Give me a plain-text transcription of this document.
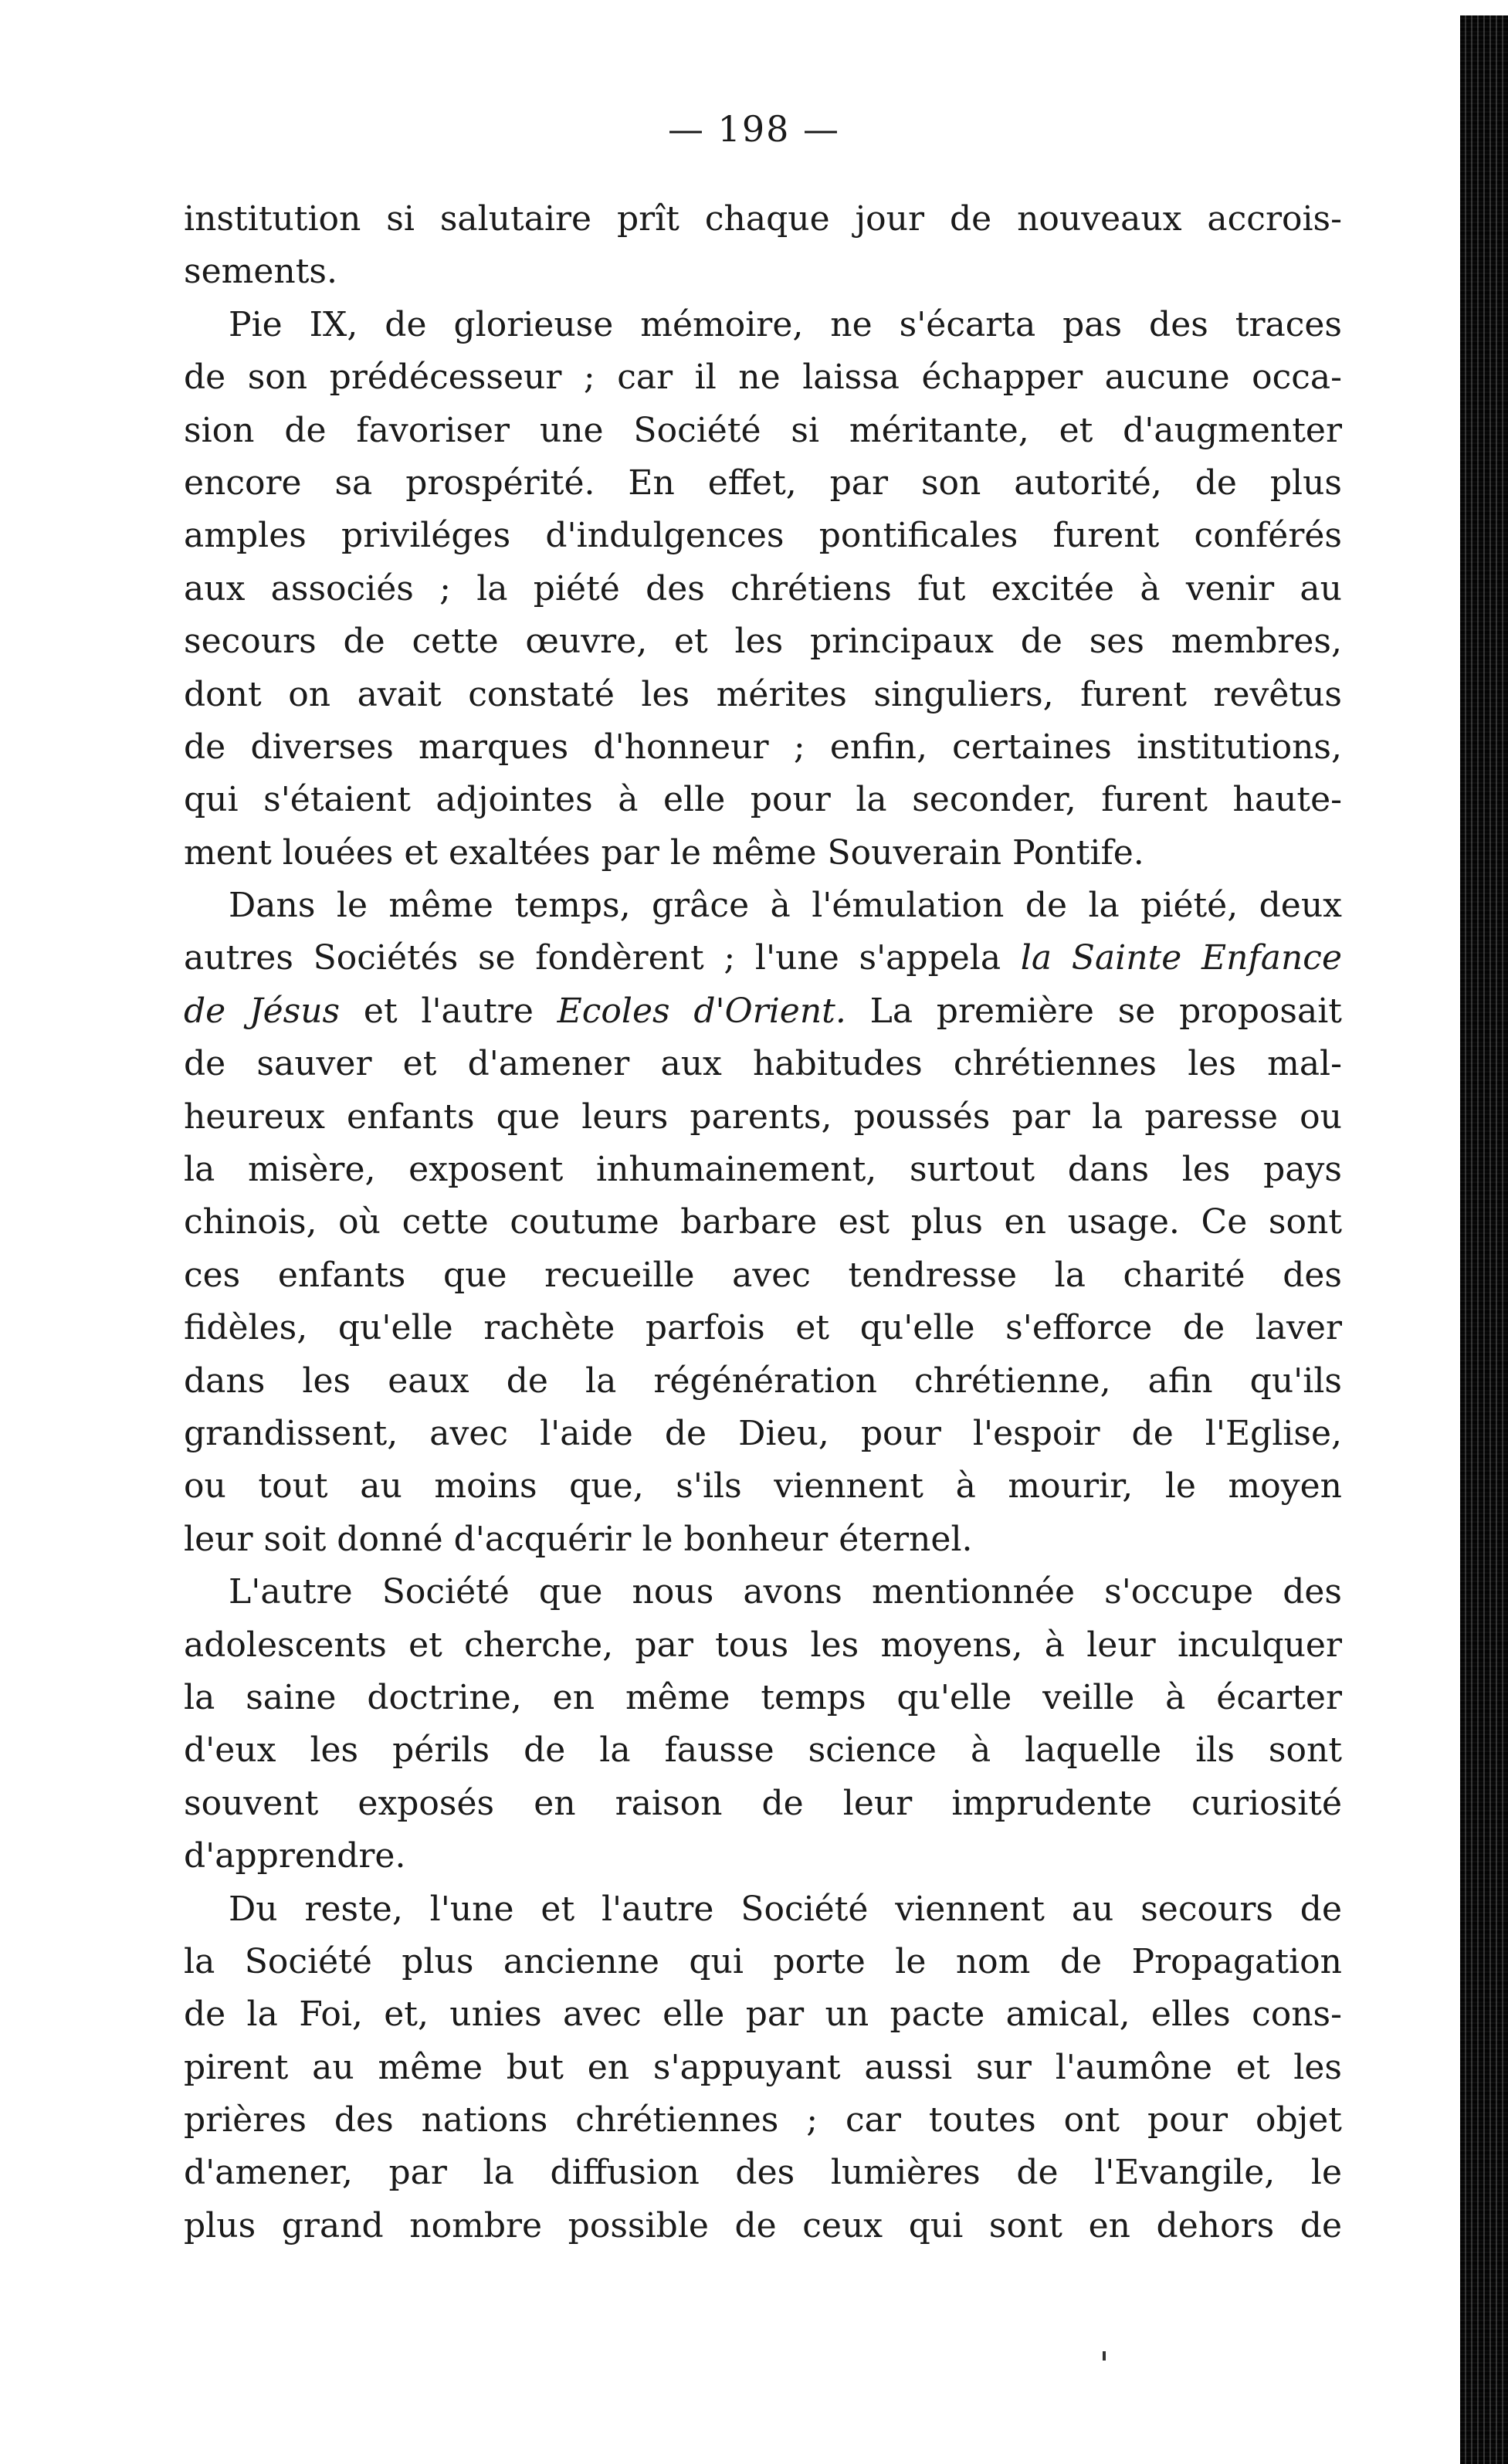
— 198 —
institution si salutaire prît chaque jour de nouveaux accrois-
sements.
Pie IX, de glorieuse mémoire, ne s'écarta pas des traces
de son prédécesseur ; car il ne laissa échapper aucune occa-
sion de favoriser une Société si méritante, et d'augmenter
encore sa prospérité. En effet, par son autorité, de plus
amples priviléges d'indulgences pontificales furent conférés
aux associés ; la piété des chrétiens fut excitée à venir au
secours de cette œuvre, et les principaux de ses membres,
dont on avait constaté les mérites singuliers, furent revêtus
de diverses marques d'honneur ; enfin, certaines institutions,
qui s'étaient adjointes à elle pour la seconder, furent haute-
ment louées et exaltées par le même Souverain Pontife.
Dans le même temps, grâce à l'émulation de la piété, deux
autres Sociétés se fondèrent ; l'une s'appela la Sainte Enfance
de Jésus et l'autre Ecoles d'Orient. La première se proposait
de sauver et d'amener aux habitudes chrétiennes les mal-
heureux enfants que leurs parents, poussés par la paresse ou
la misère, exposent inhumainement, surtout dans les pays
chinois, où cette coutume barbare est plus en usage. Ce sont
ces enfants que recueille avec tendresse la charité des
fidèles, qu'elle rachète parfois et qu'elle s'efforce de laver
dans les eaux de la régénération chrétienne, afin qu'ils
grandissent, avec l'aide de Dieu, pour l'espoir de l'Eglise,
ou tout au moins que, s'ils viennent à mourir, le moyen
leur soit donné d'acquérir le bonheur éternel.
L'autre Société que nous avons mentionnée s'occupe des
adolescents et cherche, par tous les moyens, à leur inculquer
la saine doctrine, en même temps qu'elle veille à écarter
d'eux les périls de la fausse science à laquelle ils sont
souvent exposés en raison de leur imprudente curiosité
d'apprendre.
Du reste, l'une et l'autre Société viennent au secours de
la Société plus ancienne qui porte le nom de Propagation
de la Foi, et, unies avec elle par un pacte amical, elles cons-
pirent au même but en s'appuyant aussi sur l'aumône et les
prières des nations chrétiennes ; car toutes ont pour objet
d'amener, par la diffusion des lumières de l'Evangile, le
plus grand nombre possible de ceux qui sont en dehors de
